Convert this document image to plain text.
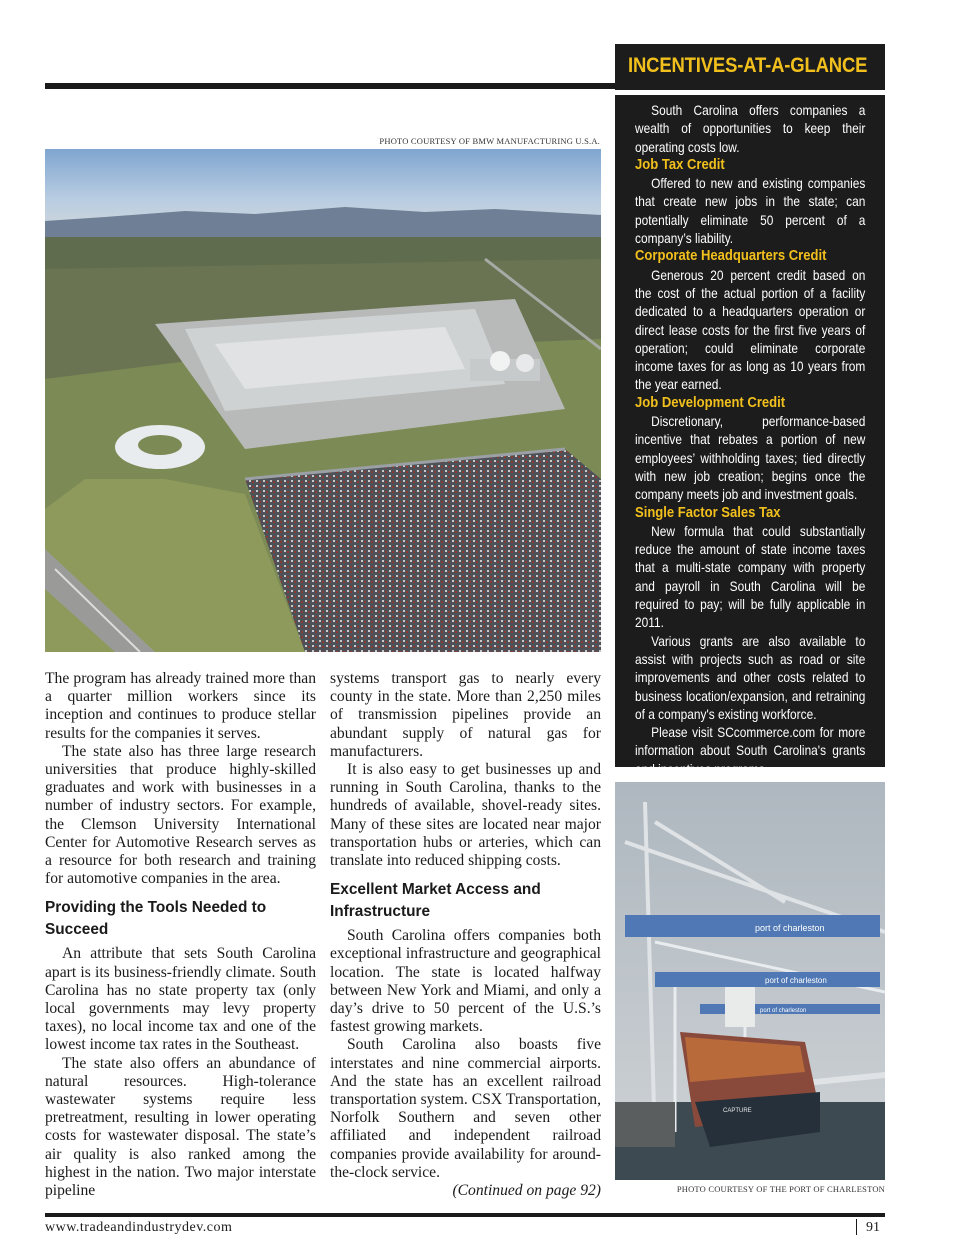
INCENTIVES-AT-A-GLANCE

South Carolina offers companies a wealth of opportunities to keep their operating costs low.

Job Tax Credit

Offered to new and existing companies that create new jobs in the state; can potentially eliminate 50 percent of a company’s liability.

Corporate Headquarters Credit

Generous 20 percent credit based on the cost of the actual portion of a facility dedicated to a headquarters operation or direct lease costs for the first five years of operation; could eliminate corporate income taxes for as long as 10 years from the year earned.

Job Development Credit

Discretionary, performance-based incentive that rebates a portion of new employees’ withholding taxes; tied directly with new job creation; begins once the company meets job and investment goals.

Single Factor Sales Tax

New formula that could substantially reduce the amount of state income taxes that a multi-state company with property and payroll in South Carolina will be required to pay; will be fully applicable in 2011.

Various grants are also available to assist with projects such as road or site improvements and other costs related to business location/expansion, and retraining of a company's existing workforce.

Please visit SCcommerce.com for more information about South Carolina's grants and incentives programs.

PHOTO COURTESY OF BMW MANUFACTURING U.S.A.
port of charleston
port of charleston
port of charleston
CAPTURE
PHOTO COURTESY OF THE PORT OF CHARLESTON

The program has already trained more than a quarter million workers since its inception and continues to produce stellar results for the companies it serves.

The state also has three large research universities that produce highly-skilled graduates and work with businesses in a number of industry sectors. For example, the Clemson University International Center for Automotive Research serves as a resource for both research and training for automotive companies in the area.

Providing the Tools Needed to Succeed

An attribute that sets South Carolina apart is its business-friendly climate. South Carolina has no state property tax (only local governments may levy property taxes), no local income tax and one of the lowest income tax rates in the Southeast.

The state also offers an abundance of natural resources. High-tolerance wastewater systems require less pretreatment, resulting in lower operating costs for wastewater disposal. The state’s air quality is also ranked among the highest in the nation. Two major interstate pipeline

systems transport gas to nearly every county in the state. More than 2,250 miles of transmission pipelines provide an abundant supply of natural gas for manufacturers.

It is also easy to get businesses up and running in South Carolina, thanks to the hundreds of available, shovel-ready sites. Many of these sites are located near major transportation hubs or arteries, which can translate into reduced shipping costs.

Excellent Market Access and Infrastructure

South Carolina offers companies both exceptional infrastructure and geographical location. The state is located halfway between New York and Miami, and only a day’s drive to 50 percent of the U.S.’s fastest growing markets.

South Carolina also boasts five interstates and nine commercial airports. And the state has an excellent railroad transportation system. CSX Transportation, Norfolk Southern and seven other affiliated and independent railroad companies provide availability for around-the-clock service.
(Continued on page 92)

www.tradeandindustrydev.com	91
